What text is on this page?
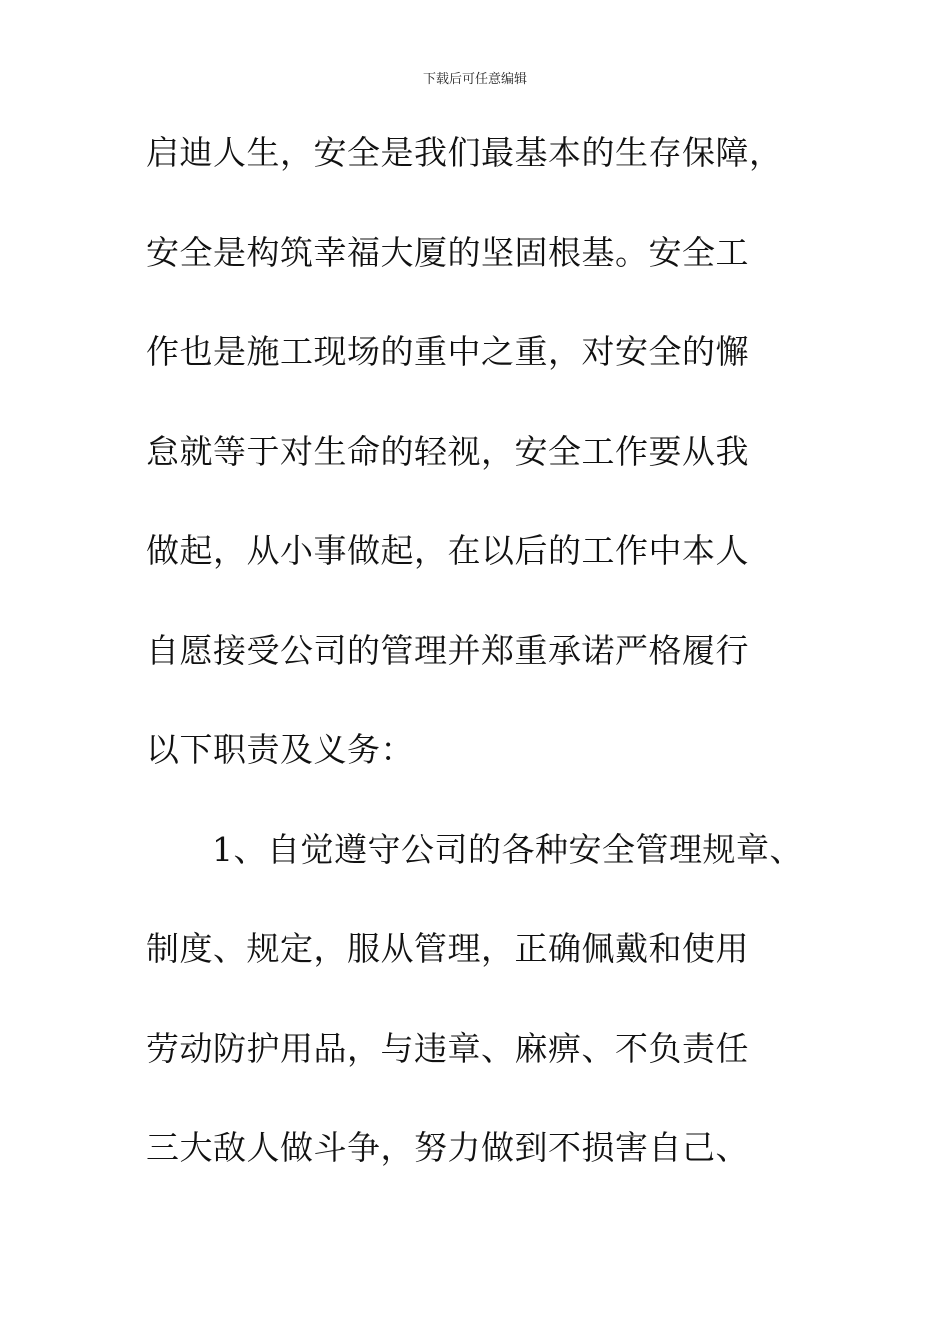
下载后可任意编辑
启迪人生，安全是我们最基本的生存保障，
安全是构筑幸福大厦的坚固根基。安全工
作也是施工现场的重中之重，对安全的懈
怠就等于对生命的轻视，安全工作要从我
做起，从小事做起，在以后的工作中本人
自愿接受公司的管理并郑重承诺严格履行
以下职责及义务：
1、自觉遵守公司的各种安全管理规章、
制度、规定，服从管理，正确佩戴和使用
劳动防护用品，与违章、麻痹、不负责任
三大敌人做斗争，努力做到不损害自己、
